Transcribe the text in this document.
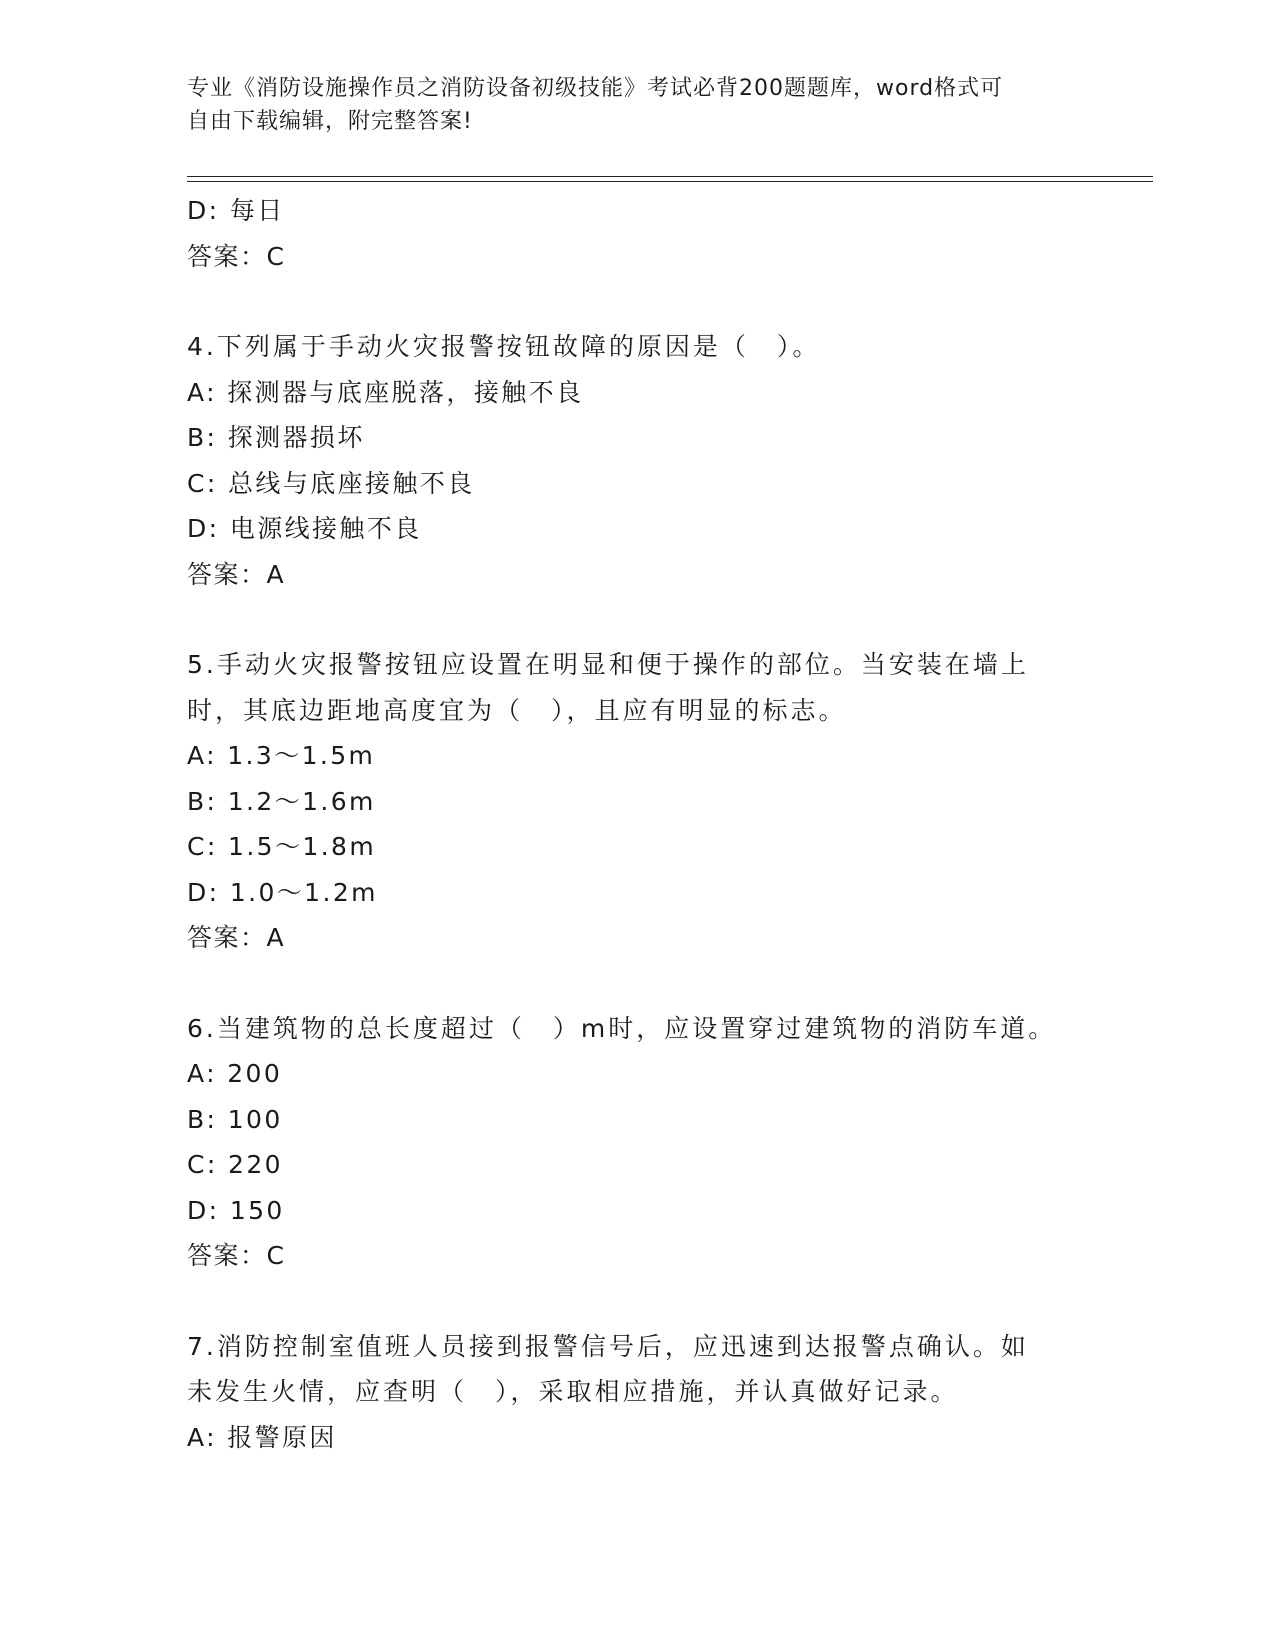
专业《消防设施操作员之消防设备初级技能》考试必背200题题库，word格式可
自由下载编辑，附完整答案!
D: 每日
答案：C
4.下列属于手动火灾报警按钮故障的原因是（　）。
A: 探测器与底座脱落，接触不良
B: 探测器损坏
C: 总线与底座接触不良
D: 电源线接触不良
答案：A
5.手动火灾报警按钮应设置在明显和便于操作的部位。当安装在墙上
时，其底边距地高度宜为（　），且应有明显的标志。
A: 1.3～1.5m
B: 1.2～1.6m
C: 1.5～1.8m
D: 1.0～1.2m
答案：A
6.当建筑物的总长度超过（　）m时，应设置穿过建筑物的消防车道。
A: 200
B: 100
C: 220
D: 150
答案：C
7.消防控制室值班人员接到报警信号后，应迅速到达报警点确认。如
未发生火情，应查明（　），采取相应措施，并认真做好记录。
A: 报警原因
